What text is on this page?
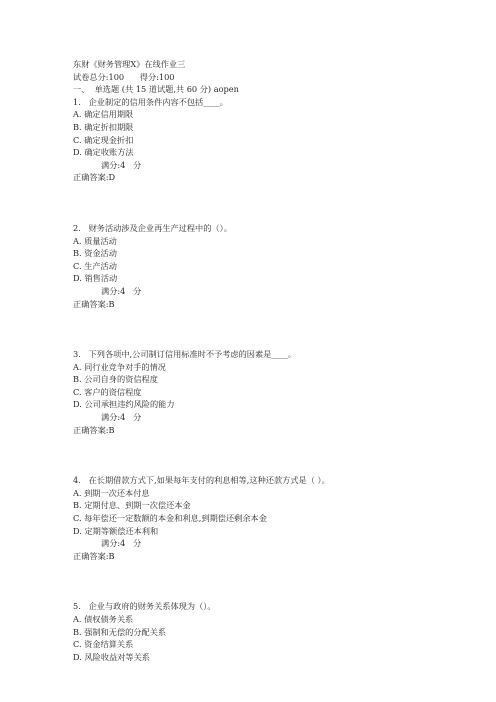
东财《财务管理X》在线作业三
试卷总分:100      得分:100
一、  单选题 (共 15 道试题,共 60 分) aopen
1.   企业制定的信用条件内容不包括____。
A. 确定信用期限
B. 确定折扣期限
C. 确定现金折扣
D. 确定收账方法
满分:4   分
正确答案:D
2.   财务活动涉及企业再生产过程中的（）。
A. 质量活动
B. 资金活动
C. 生产活动
D. 销售活动
满分:4   分
正确答案:B
3.   下列各项中,公司制订信用标准时不予考虑的因素是____。
A. 同行业竞争对手的情况
B. 公司自身的资信程度
C. 客户的资信程度
D. 公司承担违约风险的能力
满分:4   分
正确答案:B
4.   在长期借款方式下,如果每年支付的利息相等,这种还款方式是（ ）。
A. 到期一次还本付息
B. 定期付息、到期一次偿还本金
C. 每年偿还一定数额的本金和利息,到期偿还剩余本金
D. 定期等额偿还本利和
满分:4   分
正确答案:B
5.   企业与政府的财务关系体现为（）。
A. 债权债务关系
B. 强制和无偿的分配关系
C. 资金结算关系
D. 风险收益对等关系
